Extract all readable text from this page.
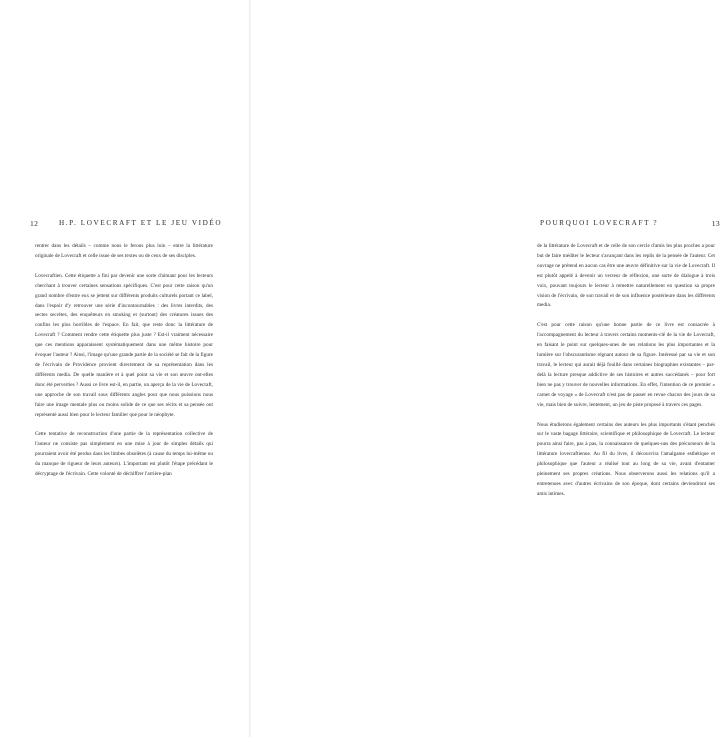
12	H.P. LOVECRAFT ET LE JEU VIDÉO

rentrer dans les détails – comme nous le ferons plus loin – entre la littérature originale de Lovecraft et celle issue de ses textes ou de ceux de ses disciples.

Lovecraftien. Cette étiquette a fini par devenir une sorte d'aimant pour les lecteurs cherchant à trouver certaines sensations spécifiques. C'est pour cette raison qu'un grand nombre d'entre eux se jettent sur différents produits culturels portant ce label, dans l'espoir d'y retrouver une série d'incontournables : des livres interdits, des sectes secrètes, des enquêteurs en smoking et (surtout) des créatures issues des confins les plus horribles de l'espace. En fait, que reste donc la littérature de Lovecraft ? Comment rendre cette étiquette plus juste ? Est-il vraiment nécessaire que ces mentions apparaissent systématiquement dans une même histoire pour évoquer l'auteur ? Ainsi, l'image qu'une grande partie de la société se fait de la figure de l'écrivain de Providence provient directement de sa représentation dans les différents media. De quelle manière et à quel point sa vie et son œuvre ont-elles donc été perverties ? Aussi ce livre est-il, en partie, un aperçu de la vie de Lovecraft, une approche de son travail sous différents angles pour que nous puissions nous faire une image mentale plus ou moins solide de ce que ses récits et sa pensée ont représenté aussi bien pour le lecteur familier que pour le néophyte.

Cette tentative de reconstruction d'une partie de la représentation collective de l'auteur ne consiste pas simplement en une mise à jour de simples détails qui pourraient avoir été perdus dans les limbes obsolètes (à cause du temps lui-même ou du manque de rigueur de leurs auteurs). L'important est plutôt l'étape précédant le décryptage de l'écrivain. Cette volonté de déchiffrer l'arrière-plan

POURQUOI LOVECRAFT ?	13

de la littérature de Lovecraft et de celle de son cercle d'amis les plus proches a pour but de faire méditer le lecteur s'avançant dans les replis de la pensée de l'auteur. Cet ouvrage ne prétend en aucun cas être une œuvre définitive sur la vie de Lovecraft. Il est plutôt appelé à devenir un vecteur de réflexion, une sorte de dialogue à trois voix, pouvant toujours le lecteur à remettre naturellement en question sa propre vision de l'écrivain, de son travail et de son influence postérieure dans les différents media.

C'est pour cette raison qu'une bonne partie de ce livre est consacrée à l'accompagnement du lecteur à travers certains moments-clé de la vie de Lovecraft, en faisant le point sur quelques-unes de ses relations les plus importantes et la lumière sur l'obscurantisme régnant autour de sa figure. Intéressé par sa vie et son travail, le lecteur qui aurait déjà fouillé dans certaines biographies existantes – par-delà la lecture presque addictive de ses histoires et autres succédanés – pour fort bien ne pas y trouver de nouvelles informations. En effet, l'intention de ce premier « carnet de voyage » de Lovecraft n'est pas de passer en revue chacun des jours de sa vie, mais bien de suivre, lentement, un jeu de piste proposé à travers ces pages.

Nous étudierons également certains des auteurs les plus importants s'étant penchés sur le vaste bagage littéraire, scientifique et philosophique de Lovecraft. Le lecteur pourra ainsi faire, pas à pas, la connaissance de quelques-uns des précurseurs de la littérature lovecraftienne. Au fil du livre, il découvrira l'amalgame esthétique et philosophique que l'auteur a réalisé tout au long de sa vie, avant d'entamer pleinement ses propres créations. Nous observerons aussi les relations qu'il a entretenues avec d'autres écrivains de son époque, dont certains deviendront ses amis intimes.
